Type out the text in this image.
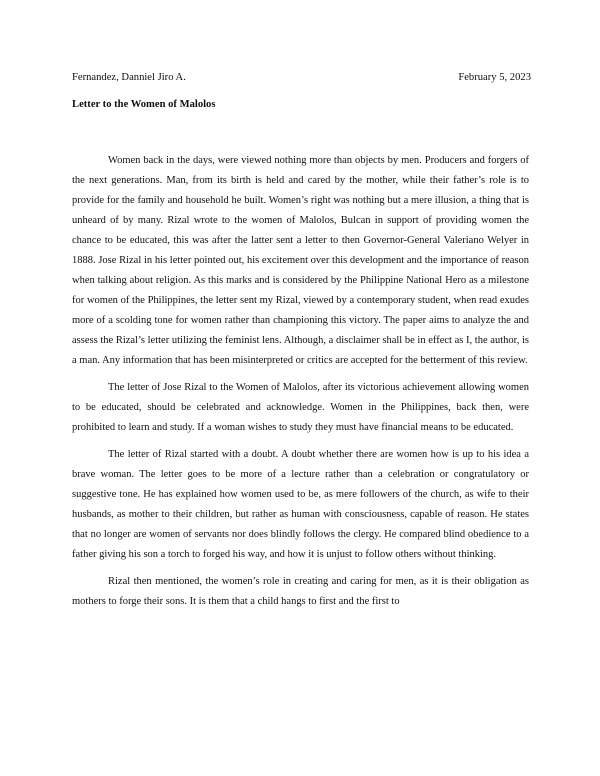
Fernandez, Danniel Jiro A.	February 5, 2023
Letter to the Women of Malolos

Women back in the days, were viewed nothing more than objects by men. Producers and forgers of the next generations. Man, from its birth is held and cared by the mother, while their father’s role is to provide for the family and household he built. Women’s right was nothing but a mere illusion, a thing that is unheard of by many. Rizal wrote to the women of Malolos, Bulcan in support of providing women the chance to be educated, this was after the latter sent a letter to then Governor-General Valeriano Welyer in 1888. Jose Rizal in his letter pointed out, his excitement over this development and the importance of reason when talking about religion. As this marks and is considered by the Philippine National Hero as a milestone for women of the Philippines, the letter sent my Rizal, viewed by a contemporary student, when read exudes more of a scolding tone for women rather than championing this victory. The paper aims to analyze the and assess the Rizal’s letter utilizing the feminist lens. Although, a disclaimer shall be in effect as I, the author, is a man. Any information that has been misinterpreted or critics are accepted for the betterment of this review.

The letter of Jose Rizal to the Women of Malolos, after its victorious achievement allowing women to be educated, should be celebrated and acknowledge. Women in the Philippines, back then, were prohibited to learn and study. If a woman wishes to study they must have financial means to be educated.

The letter of Rizal started with a doubt. A doubt whether there are women how is up to his idea a brave woman. The letter goes to be more of a lecture rather than a celebration or congratulatory or suggestive tone. He has explained how women used to be, as mere followers of the church, as wife to their husbands, as mother to their children, but rather as human with consciousness, capable of reason. He states that no longer are women of servants nor does blindly follows the clergy. He compared blind obedience to a father giving his son a torch to forged his way, and how it is unjust to follow others without thinking.

Rizal then mentioned, the women’s role in creating and caring for men, as it is their obligation as mothers to forge their sons. It is them that a child hangs to first and the first to
